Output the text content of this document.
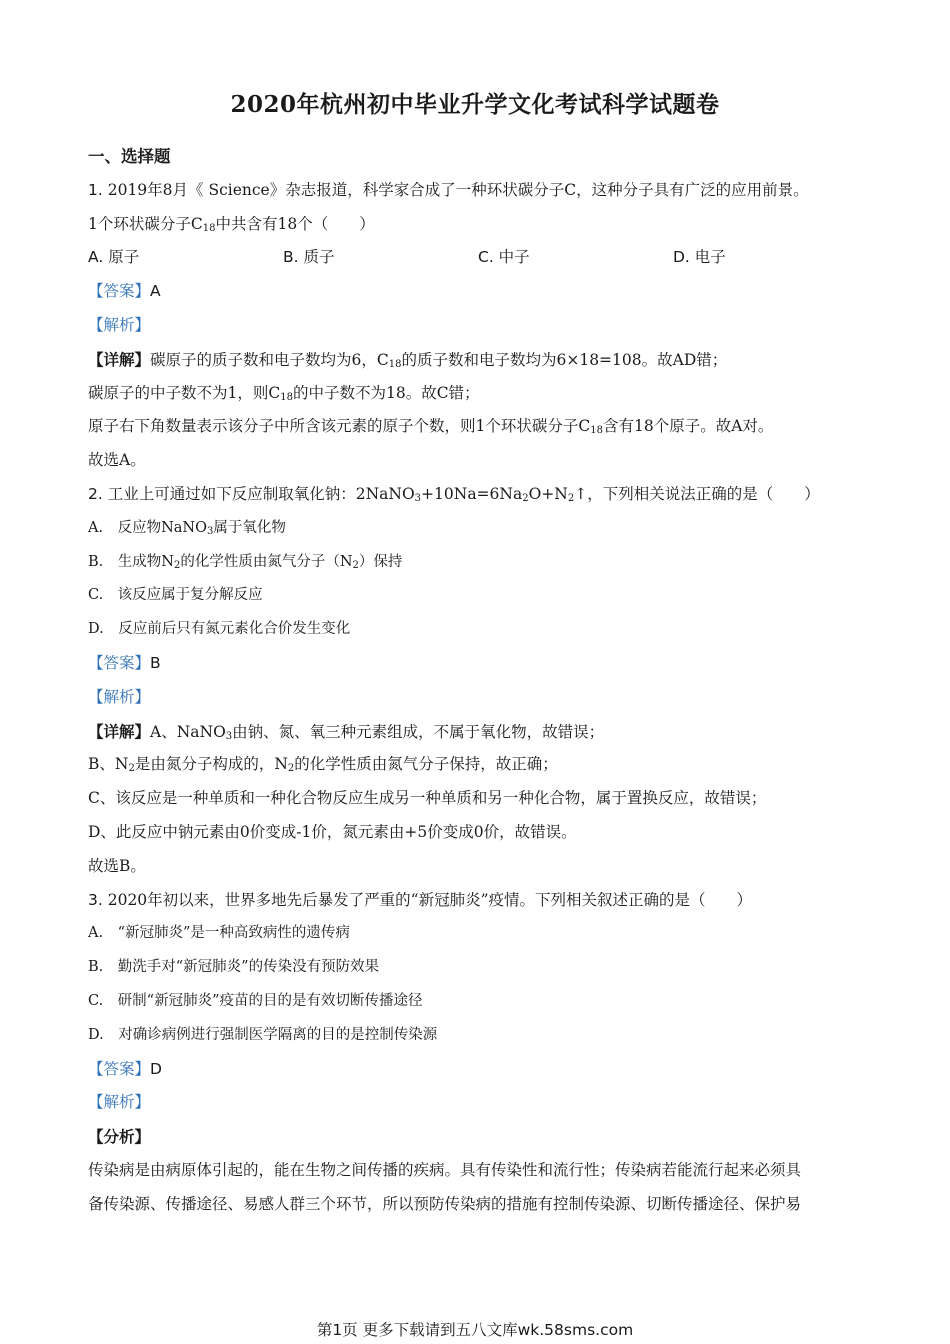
2020年杭州初中毕业升学文化考试科学试题卷
一、选择题
1. 2019年8月《 Science》杂志报道，科学家合成了一种环状碳分子C，这种分子具有广泛的应用前景。
1个环状碳分子$C_{18}$中共含有18个（　　）
A. 原子	B. 质子	C. 中子	D. 电子
【答案】A
【解析】
【详解】碳原子的质子数和电子数均为6，$C_{18}$的质子数和电子数均为6×18=108。故AD错；
碳原子的中子数不为1，则$C_{18}$的中子数不为18。故C错；
原子右下角数量表示该分子中所含该元素的原子个数，则1个环状碳分子$C_{18}$含有18个原子。故A对。
故选A。
2. 工业上可通过如下反应制取氧化钠：$2NaNO_3+10Na=6Na_2O+N_2↑$，下列相关说法正确的是（　　）
A.　反应物NaNO$_3$属于氧化物
B.　生成物$N_2$的化学性质由氮气分子$(N_2)$保持
C.　该反应属于复分解反应
D.　反应前后只有氮元素化合价发生变化
【答案】B
【解析】
【详解】A、NaNO$_3$由钠、氮、氧三种元素组成，不属于氧化物，故错误；
B、$N_2$是由氮分子构成的，$N_2$的化学性质由氮气分子保持，故正确；
C、该反应是一种单质和一种化合物反应生成另一种单质和另一种化合物，属于置换反应，故错误；
D、此反应中钠元素由0价变成-1价，氮元素由+5价变成0价，故错误。
故选B。
3. 2020年初以来，世界多地先后暴发了严重的“新冠肺炎”疫情。下列相关叙述正确的是（　　）
A.　“新冠肺炎”是一种高致病性的遗传病
B.　勤洗手对“新冠肺炎”的传染没有预防效果
C.　研制“新冠肺炎”疫苗的目的是有效切断传播途径
D.　对确诊病例进行强制医学隔离的目的是控制传染源
【答案】D
【解析】
【分析】
传染病是由病原体引起的，能在生物之间传播的疾病。具有传染性和流行性；传染病若能流行起来必须具
备传染源、传播途径、易感人群三个环节，所以预防传染病的措施有控制传染源、切断传播途径、保护易
第1页 更多下载请到五八文库wk.58sms.com
